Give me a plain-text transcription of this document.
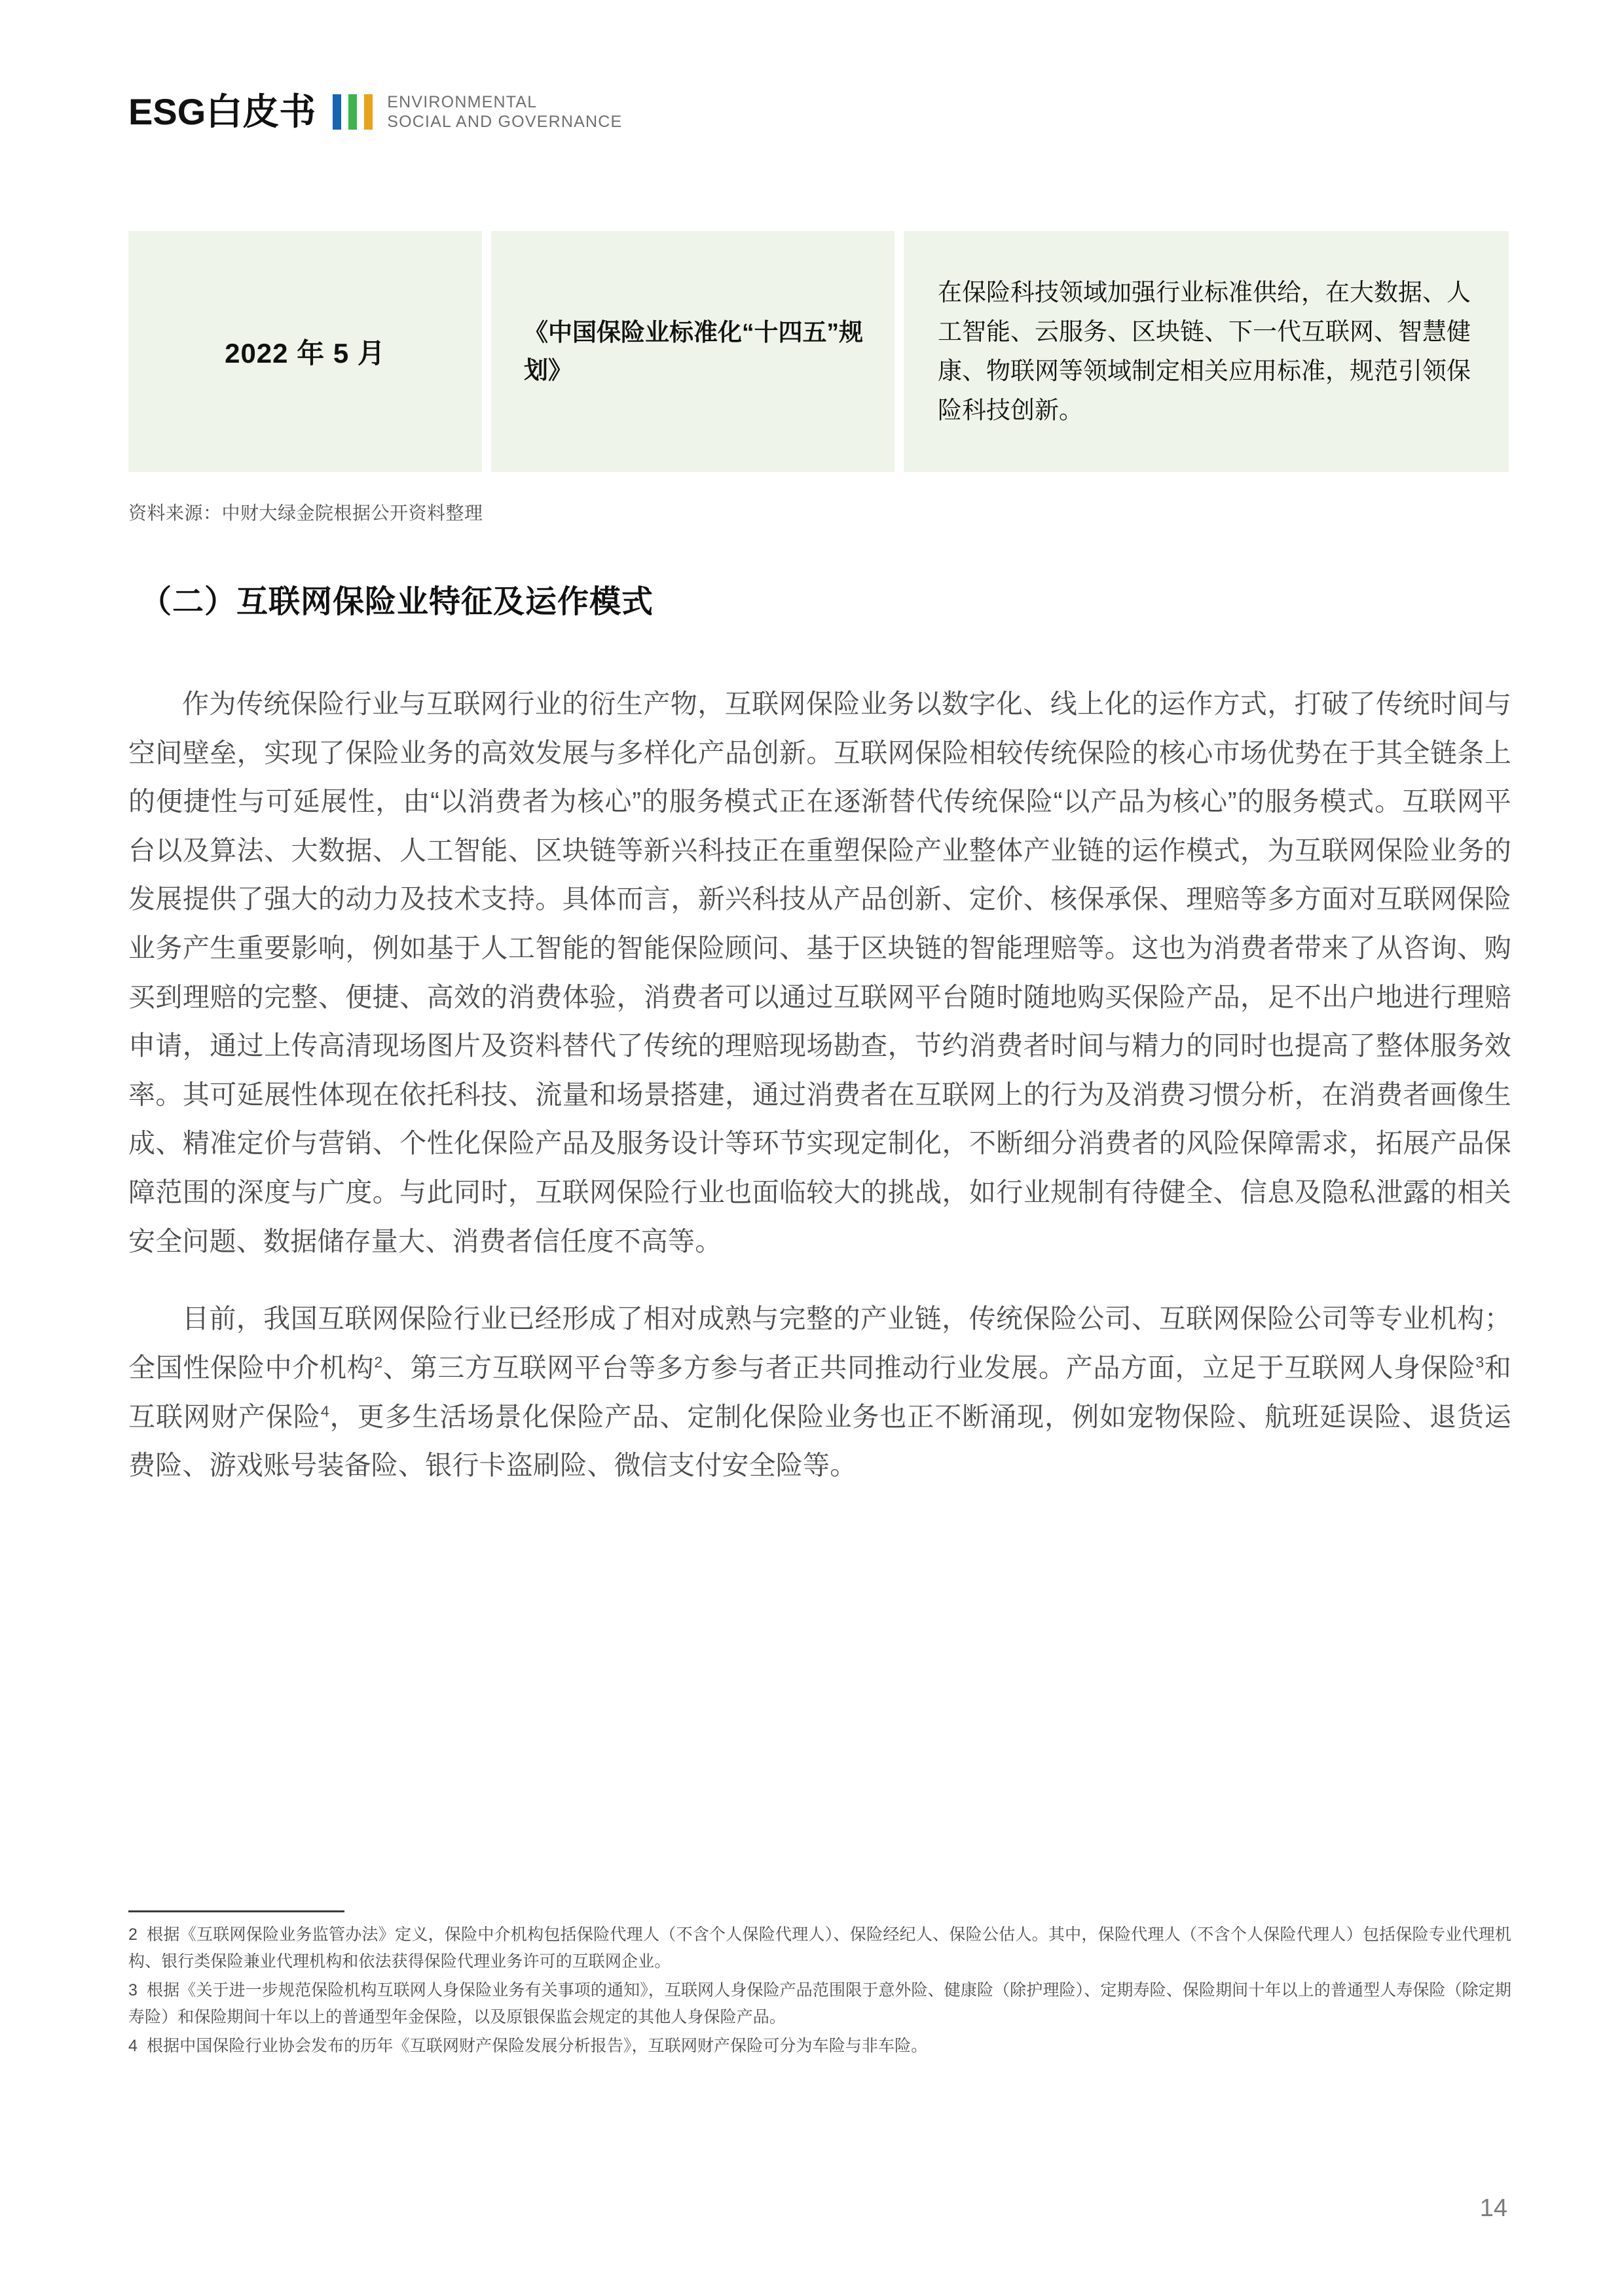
ESG白皮书	ENVIRONMENTAL
SOCIAL AND GOVERNANCE
2022 年 5 月
《中国保险业标准化“十四五”规划》
在保险科技领域加强行业标准供给，在大数据、人工智能、云服务、区块链、下一代互联网、智慧健康、物联网等领域制定相关应用标准，规范引领保险科技创新。
资料来源：中财大绿金院根据公开资料整理
（二）互联网保险业特征及运作模式

作为传统保险行业与互联网行业的衍生产物，互联网保险业务以数字化、线上化的运作方式，打破了传统时间与空间壁垒，实现了保险业务的高效发展与多样化产品创新。互联网保险相较传统保险的核心市场优势在于其全链条上的便捷性与可延展性，由“以消费者为核心”的服务模式正在逐渐替代传统保险“以产品为核心”的服务模式。互联网平台以及算法、大数据、人工智能、区块链等新兴科技正在重塑保险产业整体产业链的运作模式，为互联网保险业务的发展提供了强大的动力及技术支持。具体而言，新兴科技从产品创新、定价、核保承保、理赔等多方面对互联网保险业务产生重要影响，例如基于人工智能的智能保险顾问、基于区块链的智能理赔等。这也为消费者带来了从咨询、购买到理赔的完整、便捷、高效的消费体验，消费者可以通过互联网平台随时随地购买保险产品，足不出户地进行理赔申请，通过上传高清现场图片及资料替代了传统的理赔现场勘查，节约消费者时间与精力的同时也提高了整体服务效率。其可延展性体现在依托科技、流量和场景搭建，通过消费者在互联网上的行为及消费习惯分析，在消费者画像生成、精准定价与营销、个性化保险产品及服务设计等环节实现定制化，不断细分消费者的风险保障需求，拓展产品保障范围的深度与广度。与此同时，互联网保险行业也面临较大的挑战，如行业规制有待健全、信息及隐私泄露的相关安全问题、数据储存量大、消费者信任度不高等。

目前，我国互联网保险行业已经形成了相对成熟与完整的产业链，传统保险公司、互联网保险公司等专业机构；全国性保险中介机构$^2$、第三方互联网平台等多方参与者正共同推动行业发展。产品方面，立足于互联网人身保险$^3$和互联网财产保险$^4$，更多生活场景化保险产品、定制化保险业务也正不断涌现，例如宠物保险、航班延误险、退货运费险、游戏账号装备险、银行卡盗刷险、微信支付安全险等。

2 根据《互联网保险业务监管办法》定义，保险中介机构包括保险代理人（不含个人保险代理人）、保险经纪人、保险公估人。其中，保险代理人（不含个人保险代理人）包括保险专业代理机构、银行类保险兼业代理机构和依法获得保险代理业务许可的互联网企业。

3 根据《关于进一步规范保险机构互联网人身保险业务有关事项的通知》，互联网人身保险产品范围限于意外险、健康险（除护理险）、定期寿险、保险期间十年以上的普通型人寿保险（除定期寿险）和保险期间十年以上的普通型年金保险，以及原银保监会规定的其他人身保险产品。

4 根据中国保险行业协会发布的历年《互联网财产保险发展分析报告》，互联网财产保险可分为车险与非车险。

14
